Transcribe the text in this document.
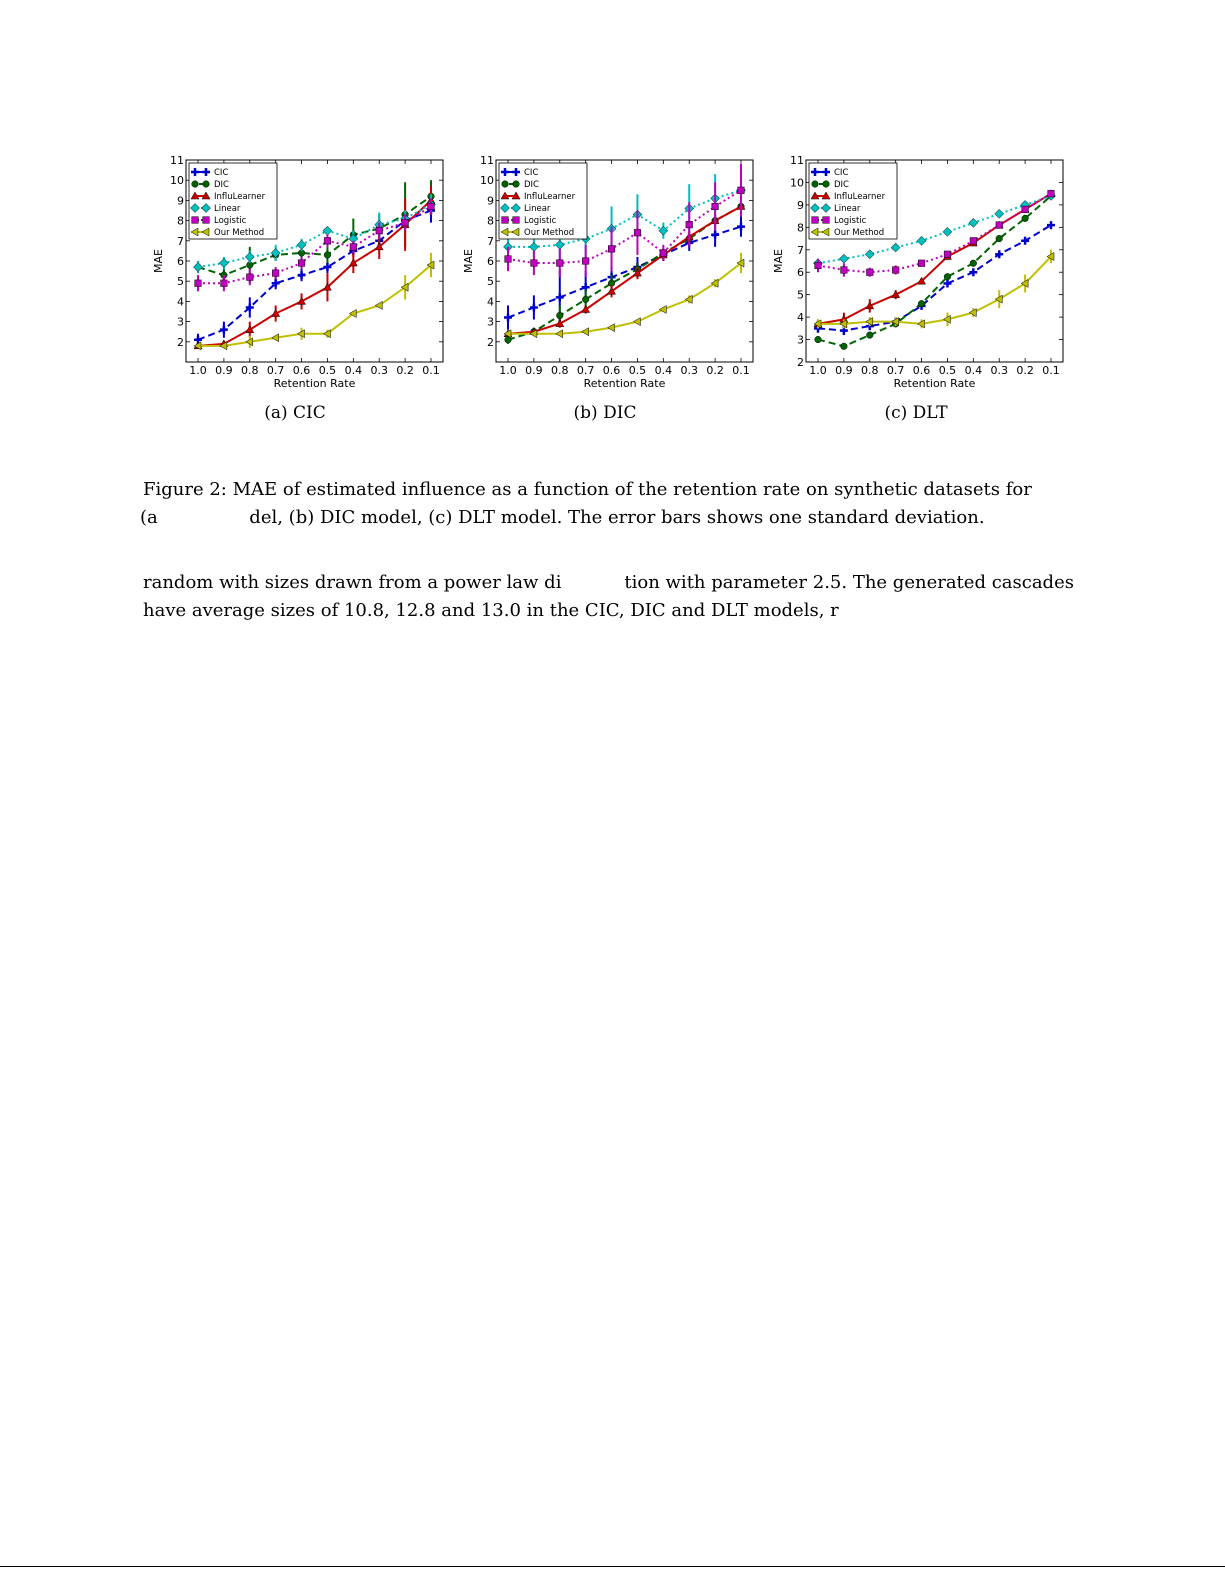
2
3
4
5
6
7
8
9
10
11
1.0 0.9 0.8 0.7 0.6 0.5 0.4 0.3 0.2 0.1
Retention Rate
MAE
CIC
DIC
InfluLearner
Linear
Logistic
Our Method
2
3
4
5
6
7
8
9
10
11
1.0 0.9 0.8 0.7 0.6 0.5 0.4 0.3 0.2 0.1
Retention Rate
MAE
CIC
DIC
InfluLearner
Linear
Logistic
Our Method
2
3
4
5
6
7
8
9
10
11
1.0 0.9 0.8 0.7 0.6 0.5 0.4 0.3 0.2 0.1
Retention Rate
MAE
CIC
DIC
InfluLearner
Linear
Logistic
Our Method
(a) CIC	(b) DIC	(c) DLT
Figure 2: MAE of estimated influence as a function of the retention rate on synthetic datasets for
(a                del, (b) DIC model, (c) DLT model. The error bars shows one standard deviation.
random with sizes drawn from a power law di           tion with parameter 2.5. The generated cascades
have average sizes of 10.8, 12.8 and 13.0 in the CIC, DIC and DLT models, r
